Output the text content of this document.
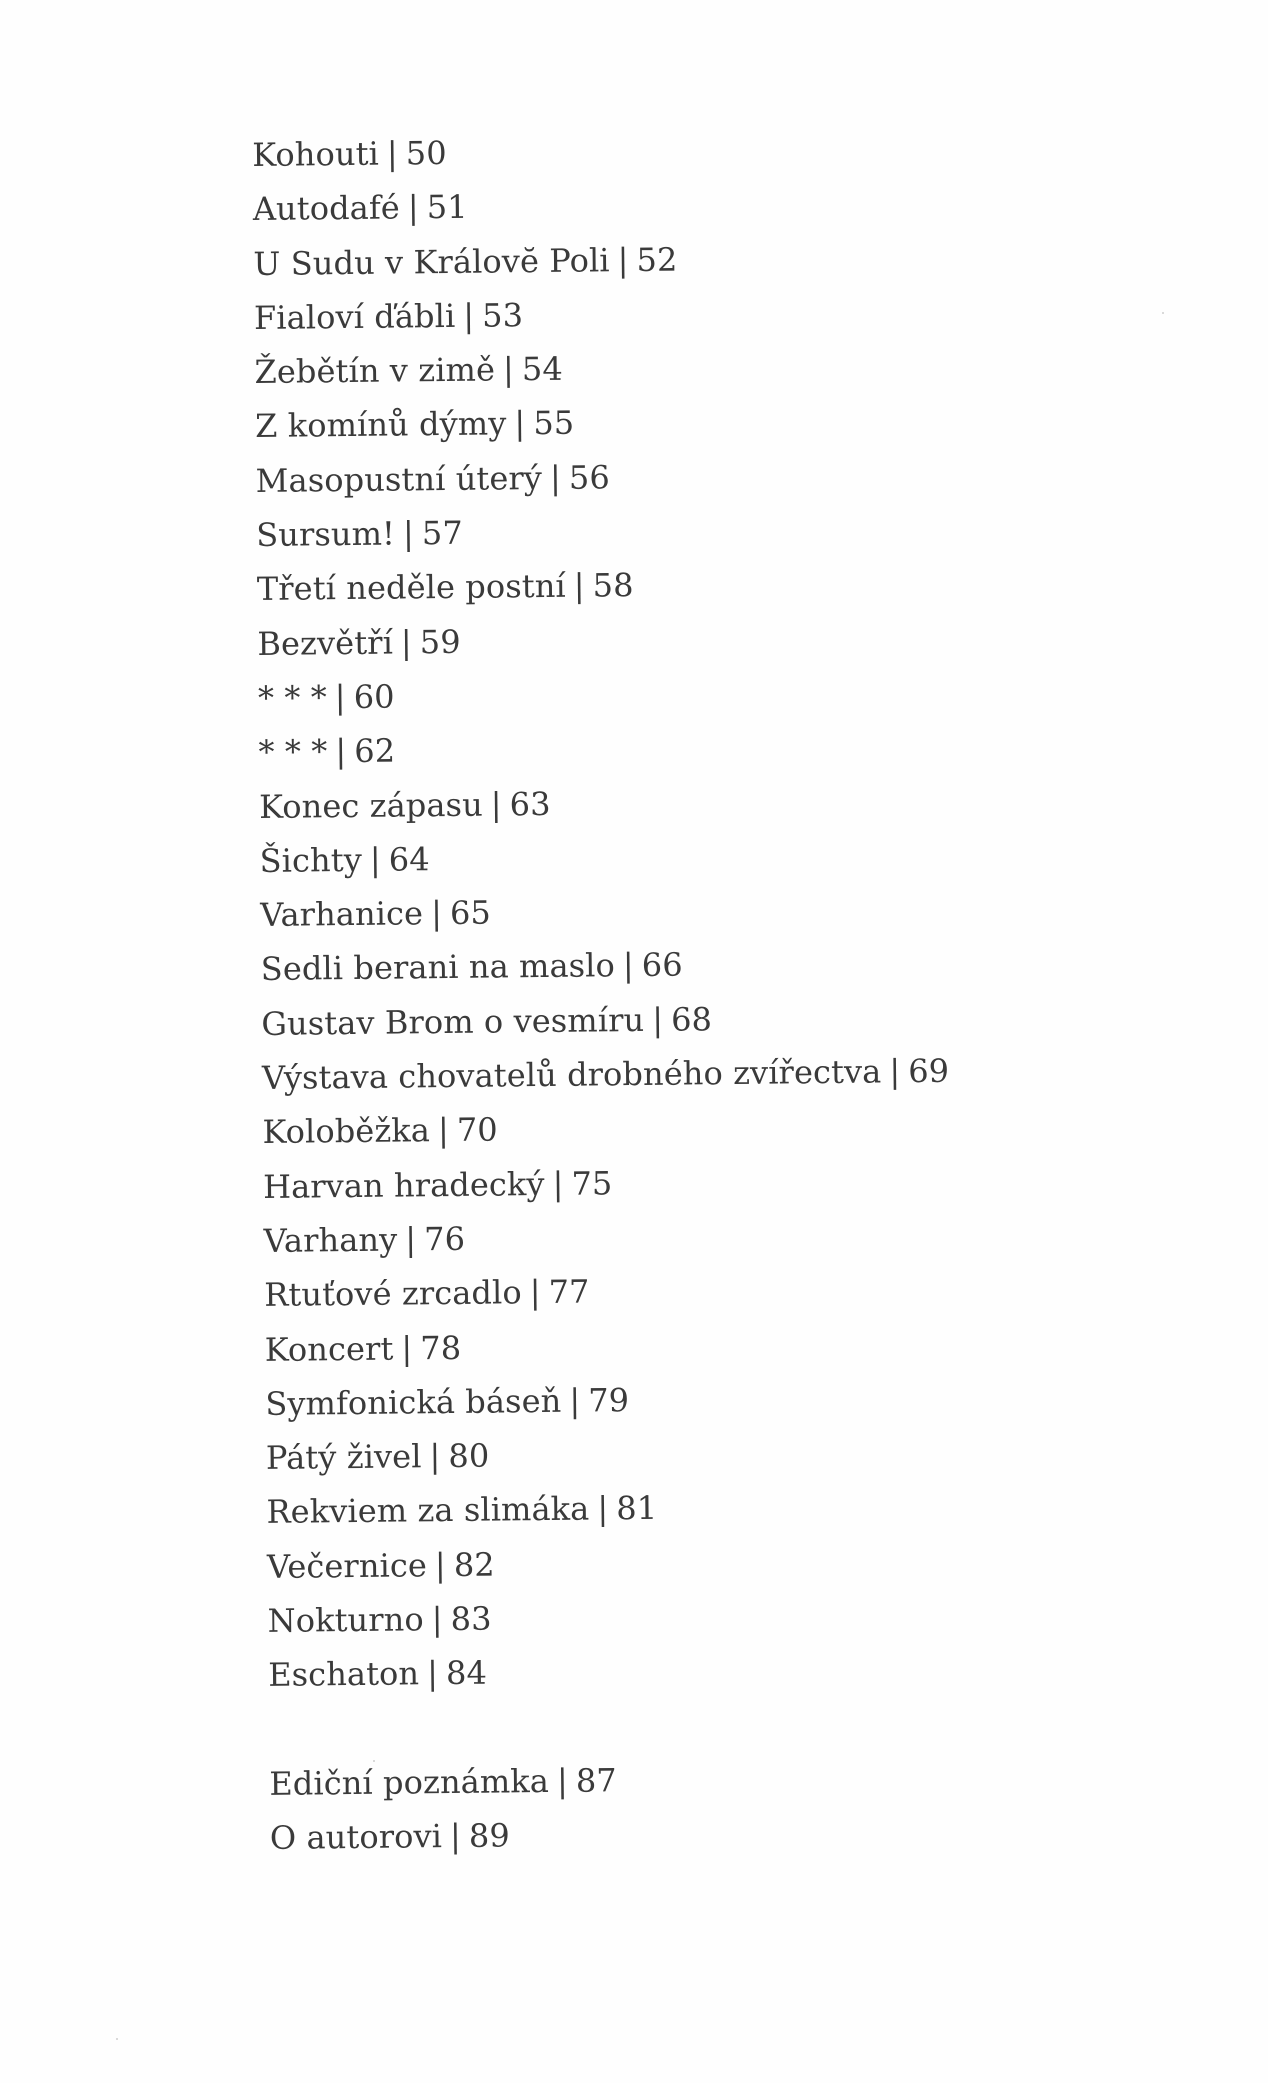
Kohouti | 50
Autodafé | 51
U Sudu v Královĕ Poli | 52
Fialoví ďábli | 53
Žebětín v zimě | 54
Z komínů dýmy | 55
Masopustní úterý | 56
Sursum! | 57
Třetí neděle postní | 58
Bezvětří | 59
* * * | 60
* * * | 62
Konec zápasu | 63
Šichty | 64
Varhanice | 65
Sedli berani na maslo | 66
Gustav Brom o vesmíru | 68
Výstava chovatelů drobného zvířectva | 69
Koloběžka | 70
Harvan hradecký | 75
Varhany | 76
Rtuťové zrcadlo | 77
Koncert | 78
Symfonická báseň | 79
Pátý živel | 80
Rekviem za slimáka | 81
Večernice | 82
Nokturno | 83
Eschaton | 84
Ediční poznámka | 87
O autorovi | 89
